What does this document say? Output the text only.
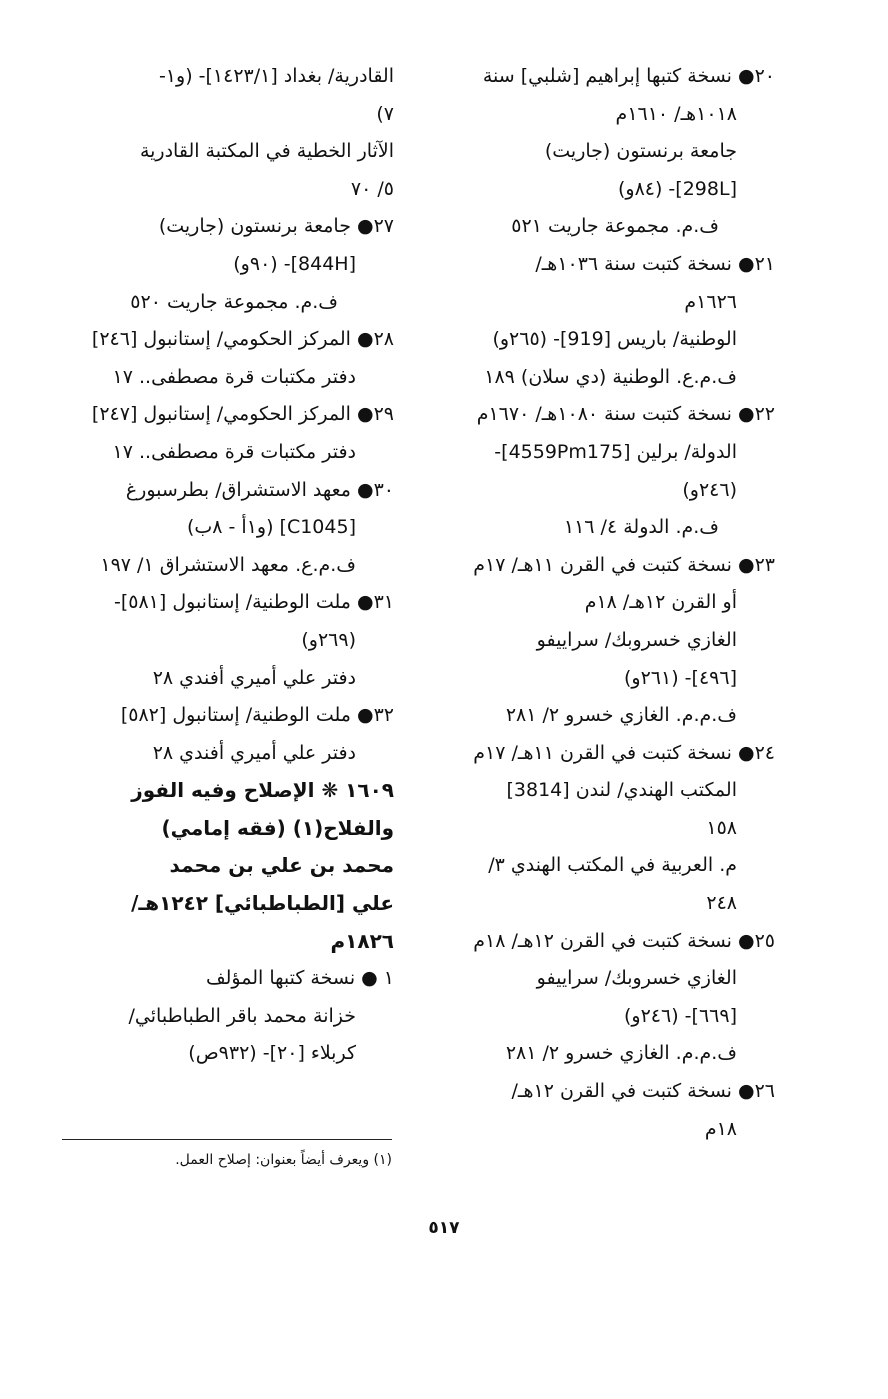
٢٠● نسخة كتبها إبراهيم [شلبي] سنة
١٠١٨هـ/ ١٦١٠م
جامعة برنستون (جاريت)
[298L]- (٨٤و)
ف.م. مجموعة جاريت ٥٢١
٢١● نسخة كتبت سنة ١٠٣٦هـ/
١٦٢٦م
الوطنية/ باريس [919]- (٢٦٥و)
ف.م.ع. الوطنية (دي سلان) ١٨٩
٢٢● نسخة كتبت سنة ١٠٨٠هـ/ ١٦٧٠م
الدولة/ برلين [4559Pm175]-
(٢٤٦و)
ف.م. الدولة ٤/ ١١٦
٢٣● نسخة كتبت في القرن ١١هـ/ ١٧م
أو القرن ١٢هـ/ ١٨م
الغازي خسروبك/ سراييفو
[٤٩٦]- (٢٦١و)
ف.م.م. الغازي خسرو ٢/ ٢٨١
٢٤● نسخة كتبت في القرن ١١هـ/ ١٧م
المكتب الهندي/ لندن [3814]
١٥٨
م. العربية في المكتب الهندي ٣/
٢٤٨
٢٥● نسخة كتبت في القرن ١٢هـ/ ١٨م
الغازي خسروبك/ سراييفو
[٦٦٩]- (٢٤٦و)
ف.م.م. الغازي خسرو ٢/ ٢٨١
٢٦● نسخة كتبت في القرن ١٢هـ/
١٨م
القادرية/ بغداد [١٤٢٣/١]- (و١-
٧)
الآثار الخطية في المكتبة القادرية
٥/ ٧٠
٢٧● جامعة برنستون (جاريت)
[844H]- (٩٠و)
ف.م. مجموعة جاريت ٥٢٠
٢٨● المركز الحكومي/ إستانبول [٢٤٦]
دفتر مكتبات قرة مصطفى.. ١٧
٢٩● المركز الحكومي/ إستانبول [٢٤٧]
دفتر مكتبات قرة مصطفى.. ١٧
٣٠● معهد الاستشراق/ بطرسبورغ
[C1045] (و١أ - ٨ب)
ف.م.ع. معهد الاستشراق ١/ ١٩٧
٣١● ملت الوطنية/ إستانبول [٥٨١]-
(٢٦٩و)
دفتر علي أميري أفندي ٢٨
٣٢● ملت الوطنية/ إستانبول [٥٨٢]
دفتر علي أميري أفندي ٢٨
١٦٠٩ ❋ الإصلاح وفيه الفوز
والفلاح(١) (فقه إمامي)
محمد بن علي بن محمد
علي [الطباطبائي] ١٢٤٢هـ/
١٨٢٦م
١ ● نسخة كتبها المؤلف
خزانة محمد باقر الطباطبائي/
كربلاء [٢٠]- (٩٣٢ص)
(١) ويعرف أيضاً بعنوان: إصلاح العمل.
٥١٧
